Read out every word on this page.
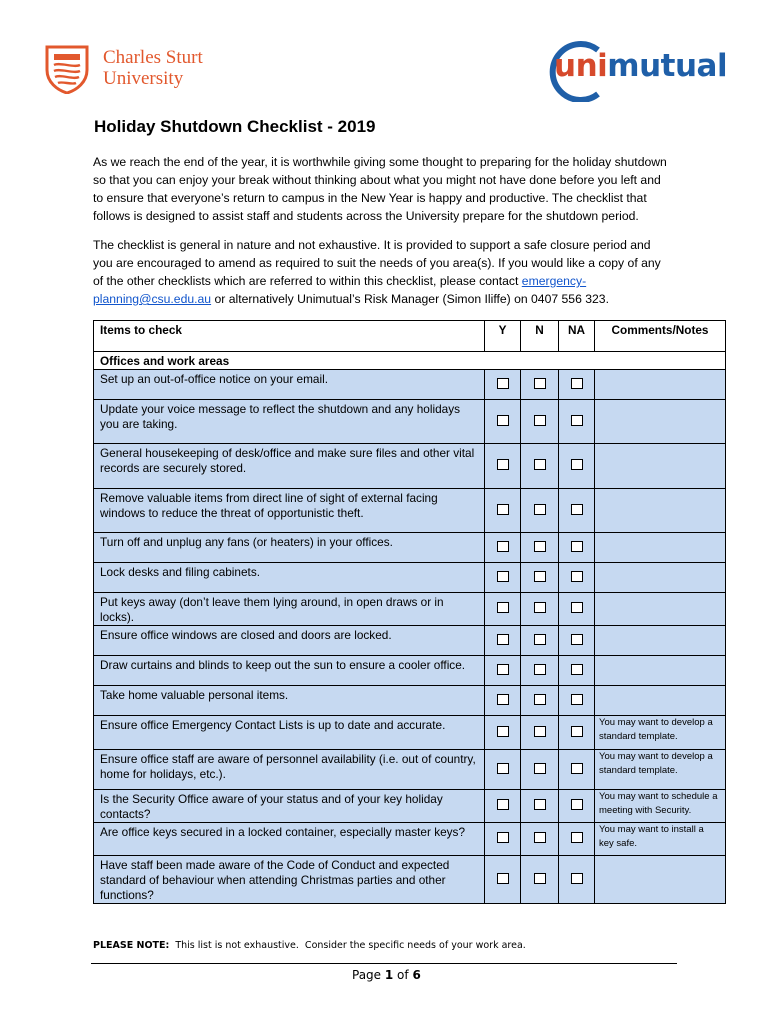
Charles Sturt
University	unimutual
Holiday Shutdown Checklist - 2019

As we reach the end of the year, it is worthwhile giving some thought to preparing for the holiday shutdown so that you can enjoy your break without thinking about what you might not have done before you left and to ensure that everyone’s return to campus in the New Year is happy and productive. The checklist that follows is designed to assist staff and students across the University prepare for the shutdown period.

The checklist is general in nature and not exhaustive. It is provided to support a safe closure period and you are encouraged to amend as required to suit the needs of you area(s). If you would like a copy of any of the other checklists which are referred to within this checklist, please contact emergency-planning@csu.edu.au or alternatively Unimutual’s Risk Manager (Simon Iliffe) on 0407 556 323.

Items to check	Y	N	NA	Comments/Notes
Offices and work areas				
Set up an out-of-office notice on your email.				
Update your voice message to reflect the shutdown and any holidays you are taking.				
General housekeeping of desk/office and make sure files and other vital records are securely stored.				
Remove valuable items from direct line of sight of external facing windows to reduce the threat of opportunistic theft.				
Turn off and unplug any fans (or heaters) in your offices.				
Lock desks and filing cabinets.				
Put keys away (don’t leave them lying around, in open draws or in locks).				
Ensure office windows are closed and doors are locked.				
Draw curtains and blinds to keep out the sun to ensure a cooler office.				
Take home valuable personal items.				
Ensure office Emergency Contact Lists is up to date and accurate.				You may want to develop a standard template.
Ensure office staff are aware of personnel availability (i.e. out of country, home for holidays, etc.).				You may want to develop a standard template.
Is the Security Office aware of your status and of your key holiday contacts?				You may want to schedule a meeting with Security.
Are office keys secured in a locked container, especially master keys?				You may want to install a key safe.
Have staff been made aware of the Code of Conduct and expected standard of behaviour when attending Christmas parties and other functions?				
PLEASE NOTE:  This list is not exhaustive.  Consider the specific needs of your work area.
Page 1 of 6
